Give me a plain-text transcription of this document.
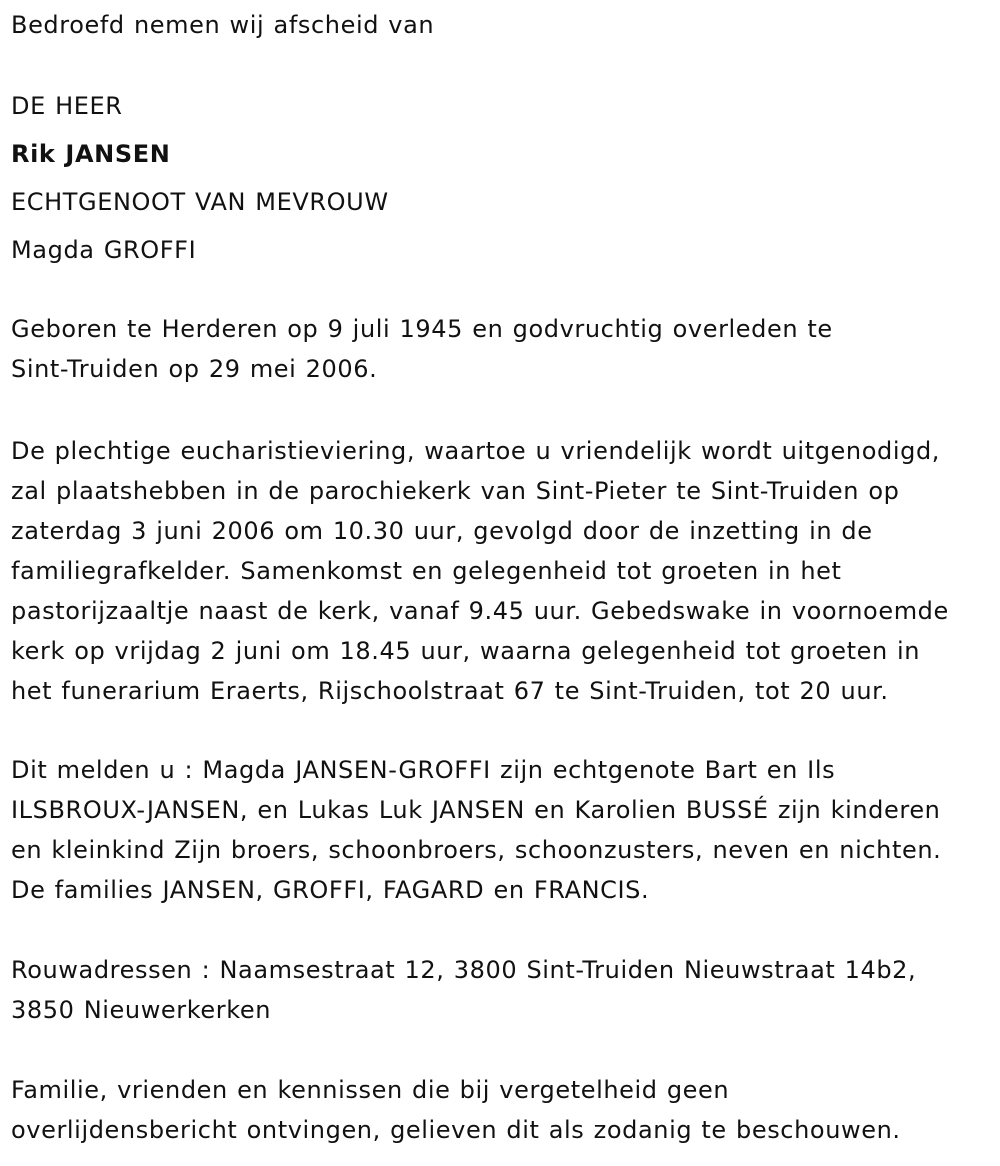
Bedroefd nemen wij afscheid van
DE HEER
Rik JANSEN
ECHTGENOOT VAN MEVROUW
Magda GROFFI
Geboren te Herderen op 9 juli 1945 en godvruchtig overleden te
Sint-Truiden op 29 mei 2006.
De plechtige eucharistieviering, waartoe u vriendelijk wordt uitgenodigd,
zal plaatshebben in de parochiekerk van Sint-Pieter te Sint-Truiden op
zaterdag 3 juni 2006 om 10.30 uur, gevolgd door de inzetting in de
familiegrafkelder. Samenkomst en gelegenheid tot groeten in het
pastorijzaaltje naast de kerk, vanaf 9.45 uur. Gebedswake in voornoemde
kerk op vrijdag 2 juni om 18.45 uur, waarna gelegenheid tot groeten in
het funerarium Eraerts, Rijschoolstraat 67 te Sint-Truiden, tot 20 uur.
Dit melden u : Magda JANSEN-GROFFI zijn echtgenote Bart en Ils
ILSBROUX-JANSEN, en Lukas Luk JANSEN en Karolien BUSSÉ zijn kinderen
en kleinkind Zijn broers, schoonbroers, schoonzusters, neven en nichten.
De families JANSEN, GROFFI, FAGARD en FRANCIS.
Rouwadressen : Naamsestraat 12, 3800 Sint-Truiden Nieuwstraat 14b2,
3850 Nieuwerkerken
Familie, vrienden en kennissen die bij vergetelheid geen
overlijdensbericht ontvingen, gelieven dit als zodanig te beschouwen.
